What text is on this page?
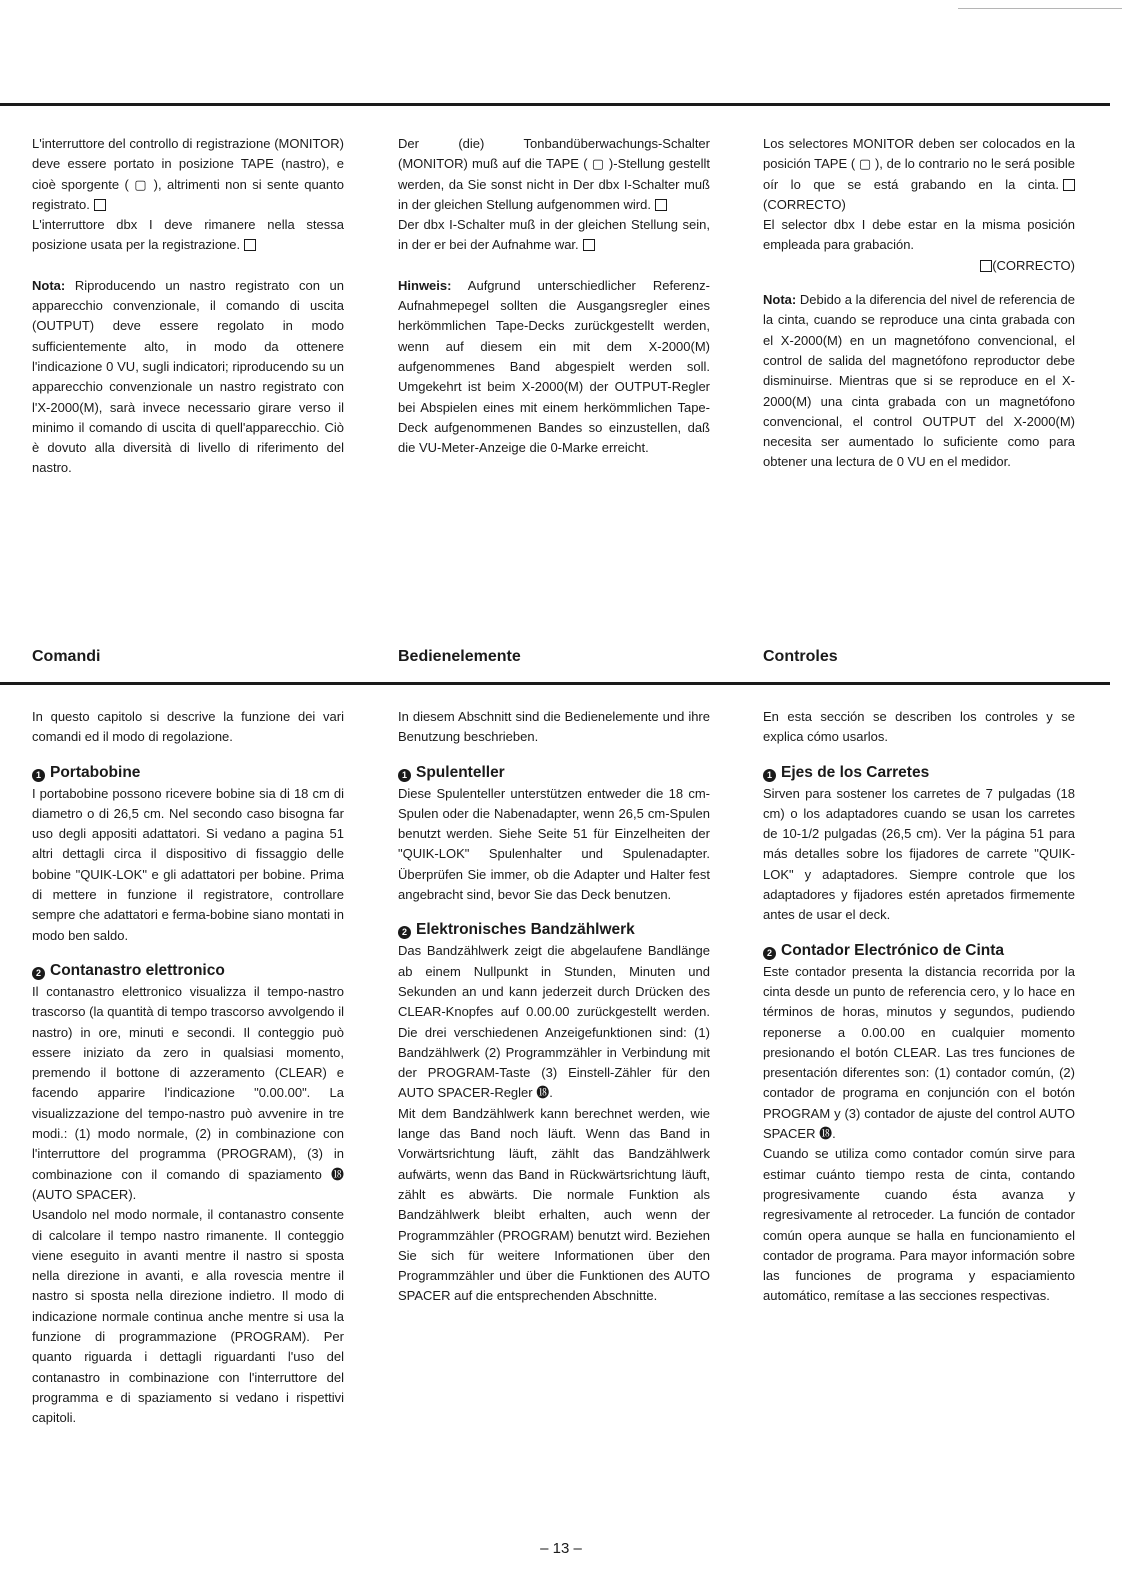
L'interruttore del controllo di registrazione (MONITOR) deve essere portato in posizione TAPE (nastro), e cioè sporgente ( ▢ ), altrimenti non si sente quanto registrato.

L'interruttore dbx I deve rimanere nella stessa posizione usata per la registrazione.

Nota: Riproducendo un nastro registrato con un apparecchio convenzionale, il comando di uscita (OUTPUT) deve essere regolato in modo sufficientemente alto, in modo da ottenere l'indicazione 0 VU, sugli indicatori; riproducendo su un apparecchio convenzionale un nastro registrato con l'X-2000(M), sarà invece necessario girare verso il minimo il comando di uscita di quell'apparecchio. Ciò è dovuto alla diversità di livello di riferimento del nastro.

Der (die) Tonbandüberwachungs-Schalter (MONITOR) muß auf die TAPE ( ▢ )-Stellung gestellt werden, da Sie sonst nicht in Der dbx I-Schalter muß in der gleichen Stellung aufgenommen wird.

Der dbx I-Schalter muß in der gleichen Stellung sein, in der er bei der Aufnahme war.

Hinweis: Aufgrund unterschiedlicher Referenz-Aufnahmepegel sollten die Ausgangsregler eines herkömmlichen Tape-Decks zurückgestellt werden, wenn auf diesem ein mit dem X-2000(M) aufgenommenes Band abgespielt werden soll. Umgekehrt ist beim X-2000(M) der OUTPUT-Regler bei Abspielen eines mit einem herkömmlichen Tape-Deck aufgenommenen Bandes so einzustellen, daß die VU-Meter-Anzeige die 0-Marke erreicht.

Los selectores MONITOR deben ser colocados en la posición TAPE ( ▢ ), de lo contrario no le será posible oír lo que se está grabando en la cinta.(CORRECTO)

El selector dbx I debe estar en la misma posición empleada para grabación.

(CORRECTO)

Nota: Debido a la diferencia del nivel de referencia de la cinta, cuando se reproduce una cinta grabada con el X-2000(M) en un magnetófono convencional, el control de salida del magnetófono reproductor debe disminuirse. Mientras que si se reproduce en el X-2000(M) una cinta grabada con un magnetófono convencional, el control OUTPUT del X-2000(M) necesita ser aumentado lo suficiente como para obtener una lectura de 0 VU en el medidor.

Comandi	Bedienelemente	Controles

In questo capitolo si descrive la funzione dei vari comandi ed il modo di regolazione.

1 Portabobine

I portabobine possono ricevere bobine sia di 18 cm di diametro o di 26,5 cm. Nel secondo caso bisogna far uso degli appositi adattatori. Si vedano a pagina 51 altri dettagli circa il dispositivo di fissaggio delle bobine "QUIK-LOK" e gli adattatori per bobine. Prima di mettere in funzione il registratore, controllare sempre che adattatori e ferma-bobine siano montati in modo ben saldo.

2 Contanastro elettronico

Il contanastro elettronico visualizza il tempo-nastro trascorso (la quantità di tempo trascorso avvolgendo il nastro) in ore, minuti e secondi. Il conteggio può essere iniziato da zero in qualsiasi momento, premendo il bottone di azzeramento (CLEAR) e facendo apparire l'indicazione "0.00.00". La visualizzazione del tempo-nastro può avvenire in tre modi.: (1) modo normale, (2) in combinazione con l'interruttore del programma (PROGRAM), (3) in combinazione con il comando di spaziamento ⓲ (AUTO SPACER).

Usandolo nel modo normale, il contanastro consente di calcolare il tempo nastro rimanente. Il conteggio viene eseguito in avanti mentre il nastro si sposta nella direzione in avanti, e alla rovescia mentre il nastro si sposta nella direzione indietro. Il modo di indicazione normale continua anche mentre si usa la funzione di programmazione (PROGRAM). Per quanto riguarda i dettagli riguardanti l'uso del contanastro in combinazione con l'interruttore del programma e di spaziamento si vedano i rispettivi capitoli.

In diesem Abschnitt sind die Bedienelemente und ihre Benutzung beschrieben.

1 Spulenteller

Diese Spulenteller unterstützen entweder die 18 cm-Spulen oder die Nabenadapter, wenn 26,5 cm-Spulen benutzt werden. Siehe Seite 51 für Einzelheiten der "QUIK-LOK" Spulenhalter und Spulenadapter. Überprüfen Sie immer, ob die Adapter und Halter fest angebracht sind, bevor Sie das Deck benutzen.

2 Elektronisches Bandzählwerk

Das Bandzählwerk zeigt die abgelaufene Bandlänge ab einem Nullpunkt in Stunden, Minuten und Sekunden an und kann jederzeit durch Drücken des CLEAR-Knopfes auf 0.00.00 zurückgestellt werden. Die drei verschiedenen Anzeigefunktionen sind: (1) Bandzählwerk (2) Programmzähler in Verbindung mit der PROGRAM-Taste (3) Einstell-Zähler für den AUTO SPACER-Regler ⓲.

Mit dem Bandzählwerk kann berechnet werden, wie lange das Band noch läuft. Wenn das Band in Vorwärtsrichtung läuft, zählt das Bandzählwerk aufwärts, wenn das Band in Rückwärtsrichtung läuft, zählt es abwärts. Die normale Funktion als Bandzählwerk bleibt erhalten, auch wenn der Programmzähler (PROGRAM) benutzt wird. Beziehen Sie sich für weitere Informationen über den Programmzähler und über die Funktionen des AUTO SPACER auf die entsprechenden Abschnitte.

En esta sección se describen los controles y se explica cómo usarlos.

1 Ejes de los Carretes

Sirven para sostener los carretes de 7 pulgadas (18 cm) o los adaptadores cuando se usan los carretes de 10-1/2 pulgadas (26,5 cm). Ver la página 51 para más detalles sobre los fijadores de carrete "QUIK-LOK" y adaptadores. Siempre controle que los adaptadores y fijadores estén apretados firmemente antes de usar el deck.

2 Contador Electrónico de Cinta

Este contador presenta la distancia recorrida por la cinta desde un punto de referencia cero, y lo hace en términos de horas, minutos y segundos, pudiendo reponerse a 0.00.00 en cualquier momento presionando el botón CLEAR. Las tres funciones de presentación diferentes son: (1) contador común, (2) contador de programa en conjunción con el botón PROGRAM y (3) contador de ajuste del control AUTO SPACER ⓲.

Cuando se utiliza como contador común sirve para estimar cuánto tiempo resta de cinta, contando progresivamente cuando ésta avanza y regresivamente al retroceder. La función de contador común opera aunque se halla en funcionamiento el contador de programa. Para mayor información sobre las funciones de programa y espaciamiento automático, remítase a las secciones respectivas.

– 13 –
